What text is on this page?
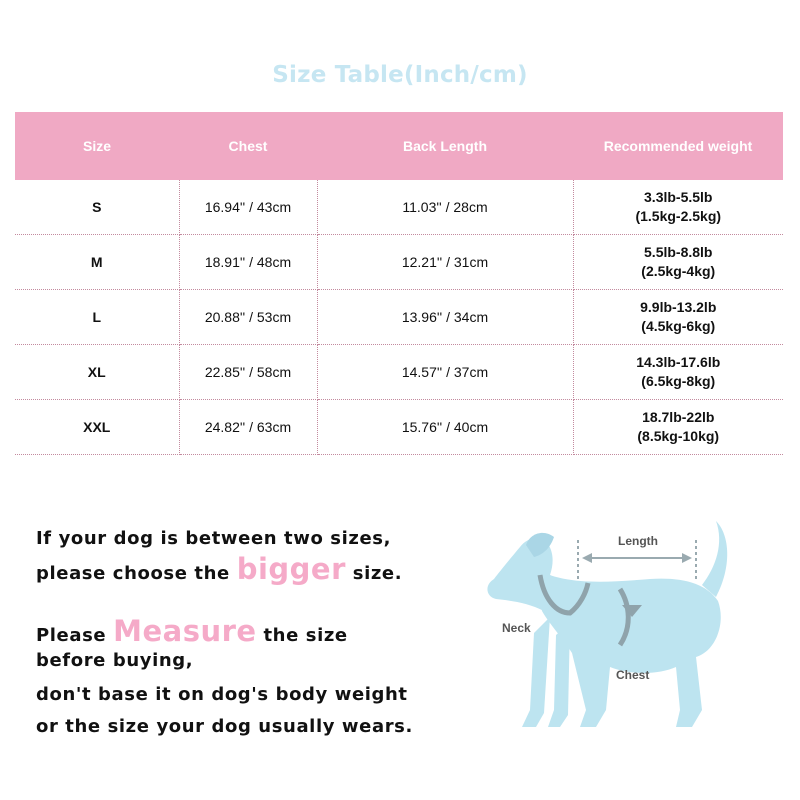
Size Table(Inch/cm)
Size	Chest	Back Length	Recommended weight
S	16.94'' / 43cm	11.03'' / 28cm	3.3lb-5.5lb
(1.5kg-2.5kg)
M	18.91'' / 48cm	12.21'' / 31cm	5.5lb-8.8lb
(2.5kg-4kg)
L	20.88'' / 53cm	13.96'' / 34cm	9.9lb-13.2lb
(4.5kg-6kg)
XL	22.85'' / 58cm	14.57'' / 37cm	14.3lb-17.6lb
(6.5kg-8kg)
XXL	24.82'' / 63cm	15.76'' / 40cm	18.7lb-22lb
(8.5kg-10kg)
If your dog is between two sizes,
please choose the bigger size.
Please Measure the size
before buying,
don't base it on dog's body weight
or the size your dog usually wears.
Length
Neck
Chest
